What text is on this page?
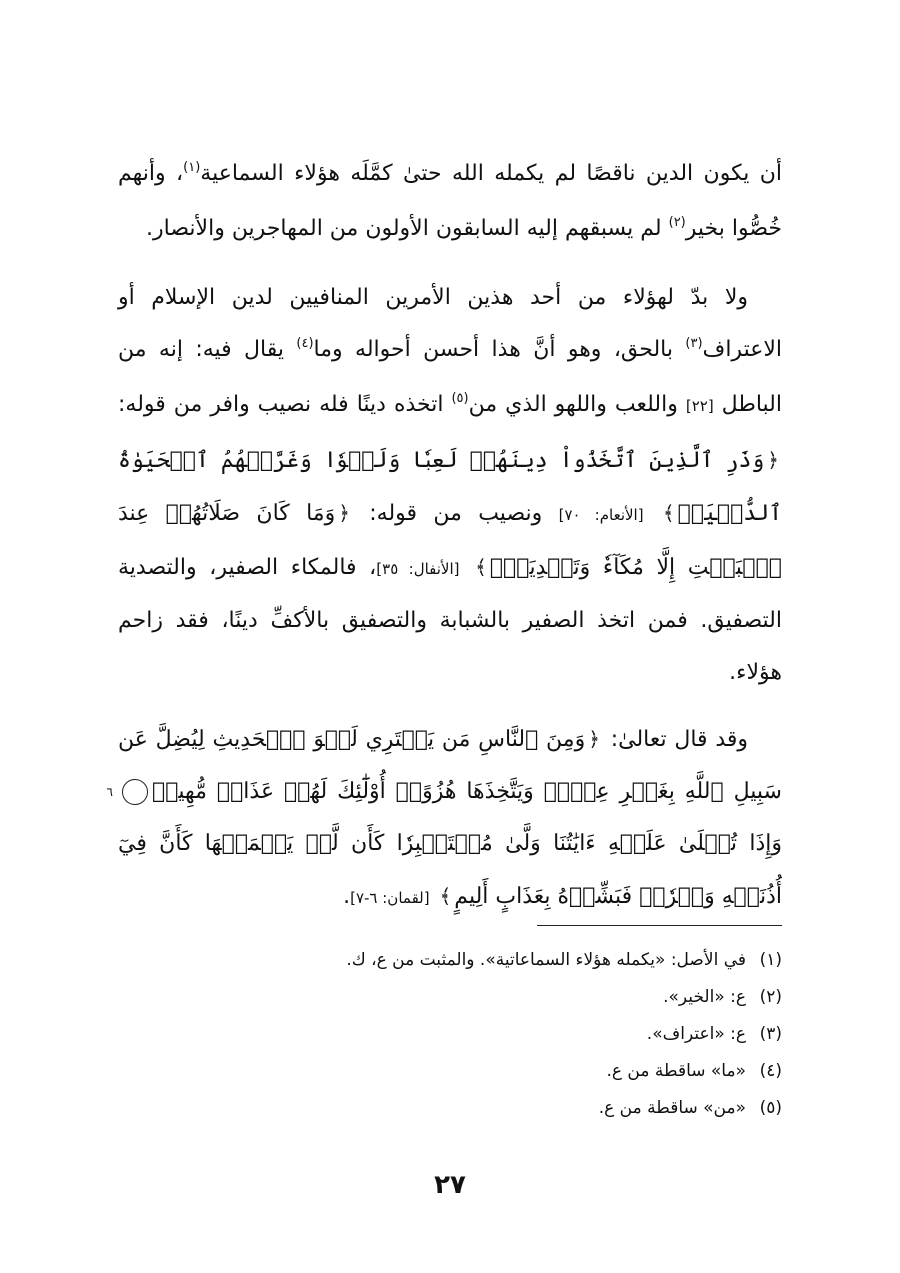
أن يكون الدين ناقصًا لم يكمله الله حتىٰ كمَّلَه هؤلاء السماعية$^{(١)}$، وأنهم خُصُّوا بخير$^{(٢)}$ لم يسبقهم إليه السابقون الأولون من المهاجرين والأنصار.

ولا بدّ لهؤلاء من أحد هذين الأمرين المنافيين لدين الإسلام أو الاعتراف$^{(٣)}$ بالحق، وهو أنَّ هذا أحسن أحواله وما$^{(٤)}$ يقال فيه: إنه من الباطل [٢٢] واللعب واللهو الذي من$^{(٥)}$ اتخذه دينًا فله نصيب وافر من قوله: ﴿وَذَرِ ٱلَّذِينَ ٱتَّخَذُواْ دِينَهُمۡ لَعِبٗا وَلَهۡوٗا وَغَرَّتۡهُمُ ٱلۡحَيَوٰةُ ٱلدُّنۡيَاۚ﴾ [الأنعام: ٧٠] ونصيب من قوله: ﴿وَمَا كَانَ صَلَاتُهُمۡ عِندَ ٱلۡبَيۡتِ إِلَّا مُكَآءٗ وَتَصۡدِيَةٗۚ﴾ [الأنفال: ٣٥]، فالمكاء الصفير، والتصدية التصفيق. فمن اتخذ الصفير بالشبابة والتصفيق بالأكفِّ دينًا، فقد زاحم هؤلاء.

وقد قال تعالىٰ: ﴿وَمِنَ ٱلنَّاسِ مَن يَشۡتَرِي لَهۡوَ ٱلۡحَدِيثِ لِيُضِلَّ عَن سَبِيلِ ٱللَّهِ بِغَيۡرِ عِلۡمٖ وَيَتَّخِذَهَا هُزُوًاۚ أُوْلَٰٓئِكَ لَهُمۡ عَذَابٞ مُّهِينٞ٦وَإِذَا تُتۡلَىٰ عَلَيۡهِ ءَايَٰتُنَا وَلَّىٰ مُسۡتَكۡبِرٗا كَأَن لَّمۡ يَسۡمَعۡهَا كَأَنَّ فِيٓ أُذُنَيۡهِ وَقۡرٗاۖ فَبَشِّرۡهُ بِعَذَابٍ أَلِيمٍ﴾ [لقمان: ٦-٧].

(١)في الأصل: «يكمله هؤلاء السماعاتية». والمثبت من ع، ك.
(٢)ع: «الخير».
(٣)ع: «اعتراف».
(٤)«ما» ساقطة من ع.
(٥)«من» ساقطة من ع.
٢٧
